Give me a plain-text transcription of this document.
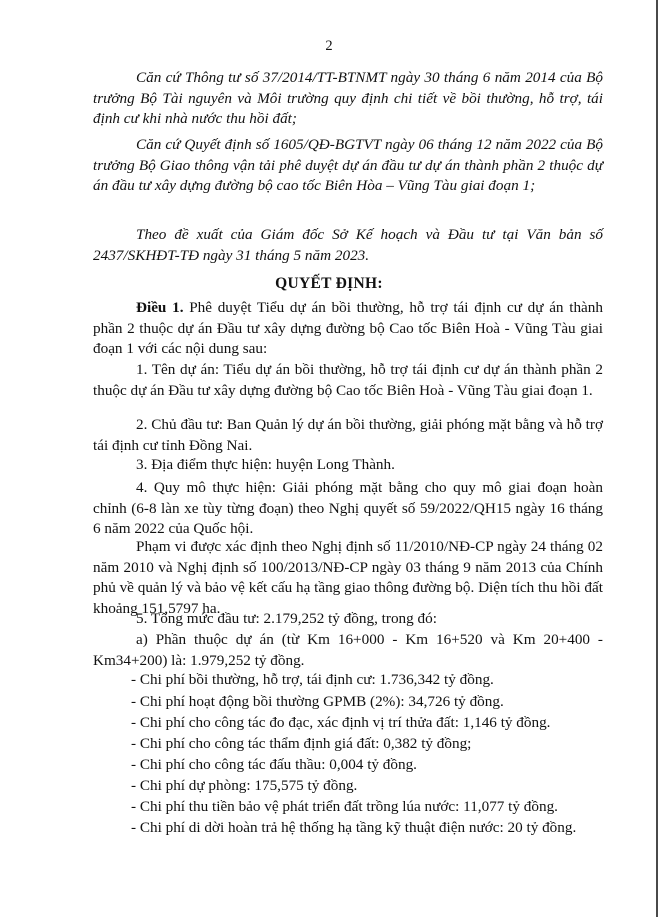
2
Căn cứ Thông tư số 37/2014/TT-BTNMT ngày 30 tháng 6 năm 2014 của Bộ trưởng Bộ Tài nguyên và Môi trường quy định chi tiết về bồi thường, hỗ trợ, tái định cư khi nhà nước thu hồi đất;
Căn cứ Quyết định số 1605/QĐ-BGTVT ngày 06 tháng 12 năm 2022 của Bộ trưởng Bộ Giao thông vận tải phê duyệt dự án đầu tư dự án thành phần 2 thuộc dự án đầu tư xây dựng đường bộ cao tốc Biên Hòa – Vũng Tàu giai đoạn 1;
Theo đề xuất của Giám đốc Sở Kế hoạch và Đầu tư tại Văn bản số 2437/SKHĐT-TĐ ngày 31 tháng 5 năm 2023.
QUYẾT ĐỊNH:
Điều 1. Phê duyệt Tiểu dự án bồi thường, hỗ trợ tái định cư dự án thành phần 2 thuộc dự án Đầu tư xây dựng đường bộ Cao tốc Biên Hoà - Vũng Tàu giai đoạn 1 với các nội dung sau:
1. Tên dự án: Tiểu dự án bồi thường, hỗ trợ tái định cư dự án thành phần 2 thuộc dự án Đầu tư xây dựng đường bộ Cao tốc Biên Hoà - Vũng Tàu giai đoạn 1.
2. Chủ đầu tư: Ban Quản lý dự án bồi thường, giải phóng mặt bằng và hỗ trợ tái định cư tỉnh Đồng Nai.
3. Địa điểm thực hiện: huyện Long Thành.
4. Quy mô thực hiện: Giải phóng mặt bằng cho quy mô giai đoạn hoàn chỉnh (6-8 làn xe tùy từng đoạn) theo Nghị quyết số 59/2022/QH15 ngày 16 tháng 6 năm 2022 của Quốc hội.
Phạm vi được xác định theo Nghị định số 11/2010/NĐ-CP ngày 24 tháng 02 năm 2010 và Nghị định số 100/2013/NĐ-CP ngày 03 tháng 9 năm 2013 của Chính phủ về quản lý và bảo vệ kết cấu hạ tầng giao thông đường bộ. Diện tích thu hồi đất khoảng 151,5797 ha.
5. Tổng mức đầu tư: 2.179,252 tỷ đồng, trong đó:
a) Phần thuộc dự án (từ Km 16+000 - Km 16+520 và Km 20+400 - Km34+200) là: 1.979,252 tỷ đồng.
- Chi phí bồi thường, hỗ trợ, tái định cư: 1.736,342 tỷ đồng.
- Chi phí hoạt động bồi thường GPMB (2%): 34,726 tỷ đồng.
- Chi phí cho công tác đo đạc, xác định vị trí thửa đất: 1,146 tỷ đồng.
- Chi phí cho công tác thẩm định giá đất: 0,382 tỷ đồng;
- Chi phí cho công tác đấu thầu: 0,004 tỷ đồng.
- Chi phí dự phòng: 175,575 tỷ đồng.
- Chi phí thu tiền bảo vệ phát triển đất trồng lúa nước: 11,077 tỷ đồng.
- Chi phí di dời hoàn trả hệ thống hạ tầng kỹ thuật điện nước: 20 tỷ đồng.
